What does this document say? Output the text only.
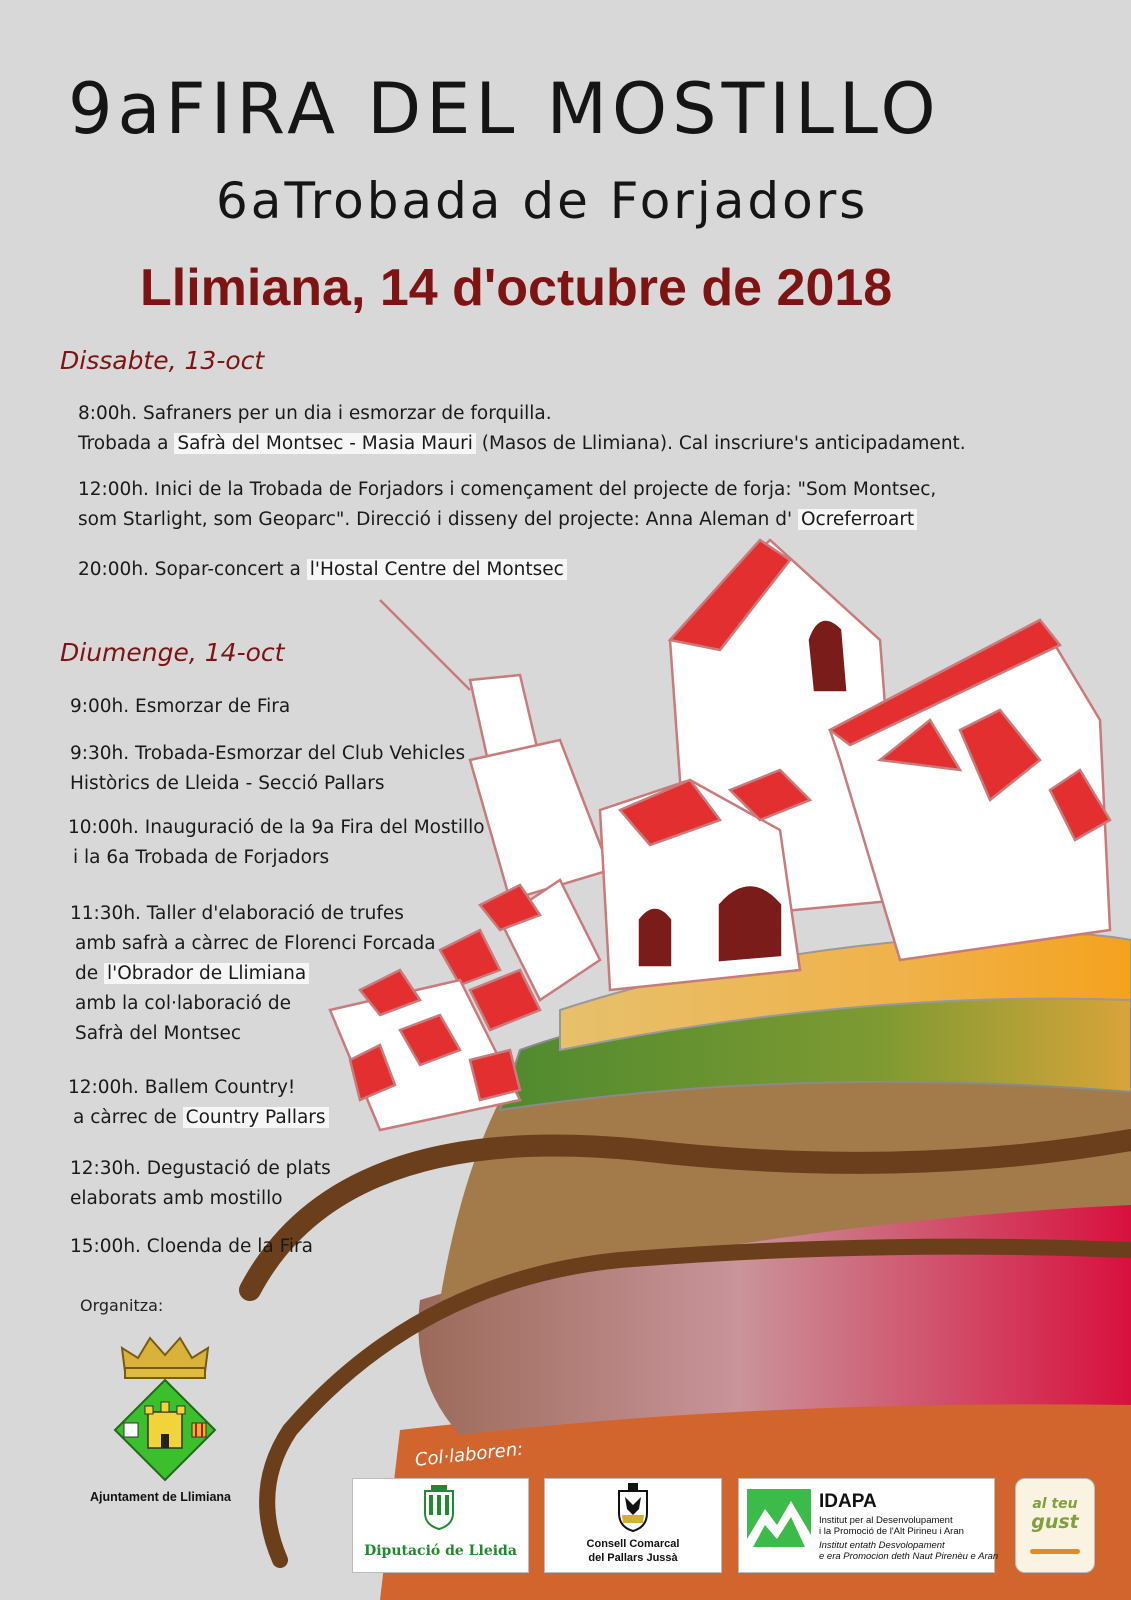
9aFIRA DEL MOSTILLO
6aTrobada de Forjadors
Llimiana, 14 d'octubre de 2018
Dissabte, 13-oct
8:00h. Safraners per un dia i esmorzar de forquilla.
Trobada a Safrà del Montsec - Masia Mauri (Masos de Llimiana). Cal inscriure's anticipadament.
12:00h. Inici de la Trobada de Forjadors i començament del projecte de forja: "Som Montsec,
som Starlight, som Geoparc". Direcció i disseny del projecte: Anna Aleman d' Ocreferroart
20:00h. Sopar-concert a l'Hostal Centre del Montsec
Diumenge, 14-oct
9:00h. Esmorzar de Fira
9:30h. Trobada-Esmorzar del Club Vehicles
Històrics de Lleida - Secció Pallars
10:00h. Inauguració de la 9a Fira del Mostillo
i la 6a Trobada de Forjadors
11:30h. Taller d'elaboració de trufes
amb safrà a càrrec de Florenci Forcada
de l'Obrador de Llimiana
amb la col·laboració de
Safrà del Montsec
12:00h. Ballem Country!
a càrrec de Country Pallars
12:30h. Degustació de plats
elaborats amb mostillo
15:00h. Cloenda de la Fira
Organitza:
Ajuntament de Llimiana
Col·laboren:
Diputació de Lleida	Consell Comarcal
del Pallars Jussà
IDAPA
Institut per al Desenvolupament
i la Promoció de l'Alt Pirineu i Aran
Institut entath Desvolopament
e era Promocion deth Naut Pirenèu e Aran
al teu
gust
